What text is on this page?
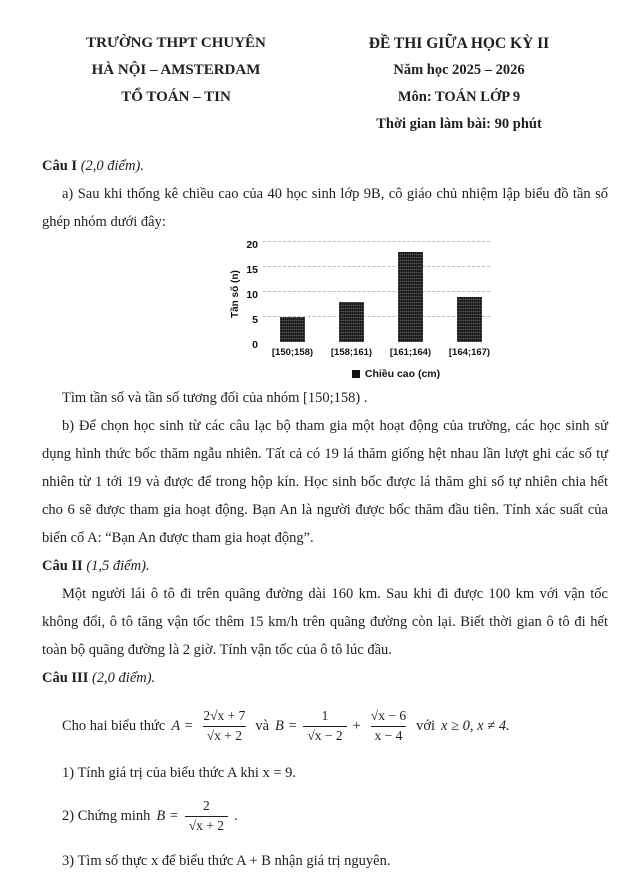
TRƯỜNG THPT CHUYÊN
HÀ NỘI – AMSTERDAM
TỔ TOÁN – TIN
ĐỀ THI GIỮA HỌC KỲ II
Năm học 2025 – 2026
Môn: TOÁN LỚP 9
Thời gian làm bài: 90 phút

Câu I (2,0 điểm).

a) Sau khi thống kê chiều cao của 40 học sinh lớp 9B, cô giáo chủ nhiệm lập biểu đồ tần số ghép nhóm dưới đây:

Tần số (n)
0
5
10
15
20
[150;158)	[158;161)	[161;164)	[164;167)
Chiều cao (cm)

Tìm tần số và tần số tương đối của nhóm [150;158) .

b) Để chọn học sinh từ các câu lạc bộ tham gia một hoạt động của trường, các học sinh sử dụng hình thức bốc thăm ngẫu nhiên. Tất cả có 19 lá thăm giống hệt nhau lần lượt ghi các số tự nhiên từ 1 tới 19 và được để trong hộp kín. Học sinh bốc được lá thăm ghi số tự nhiên chia hết cho 6 sẽ được tham gia hoạt động. Bạn An là người được bốc thăm đầu tiên. Tính xác suất của biến cố A: “Bạn An được tham gia hoạt động”.

Câu II (1,5 điểm).

Một người lái ô tô đi trên quãng đường dài 160 km. Sau khi đi được 100 km với vận tốc không đổi, ô tô tăng vận tốc thêm 15 km/h trên quãng đường còn lại. Biết thời gian ô tô đi hết toàn bộ quãng đường là 2 giờ. Tính vận tốc của ô tô lúc đầu.

Câu III (2,0 điểm).

Cho hai biểu thức $A = \frac{2√x + 7}{√x + 2}$ và $B = \frac{1}{√x - 2} + \frac{√x - 6}{x - 4}$ với x ≥ 0, x ≠ 4.

1) Tính giá trị của biểu thức A khi x = 9.

2) Chứng minh $B = \frac{2}{√x + 2}$ .

3) Tìm số thực x để biểu thức A + B nhận giá trị nguyên.
